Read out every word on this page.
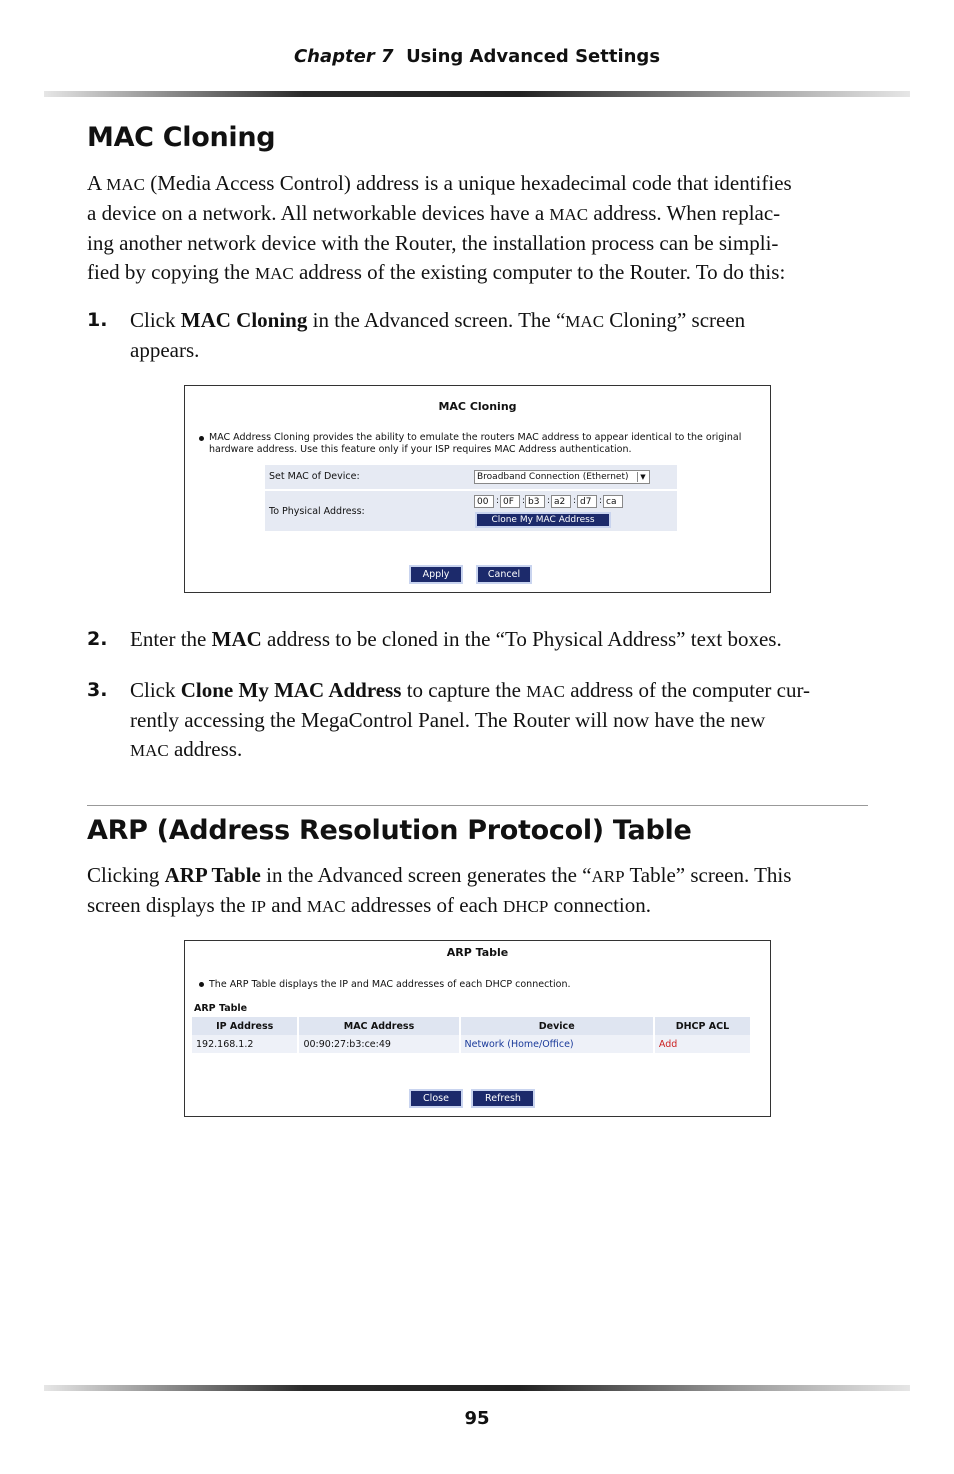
Chapter 7 Using Advanced Settings
MAC Cloning
A MAC (Media Access Control) address is a unique hexadecimal code that identifies
a device on a network. All networkable devices have a MAC address. When replac-
ing another network device with the Router, the installation process can be simpli-
fied by copying the MAC address of the existing computer to the Router. To do this:
1. Click MAC Cloning in the Advanced screen. The “MAC Cloning” screen
appears.
MAC Cloning
MAC Address Cloning provides the ability to emulate the routers MAC address to appear identical to the original
hardware address. Use this feature only if your ISP requires MAC Address authentication.
Set MAC of Device:	Broadband Connection (Ethernet)	▼
To Physical Address:
00 : 0F : b3 : a2 : d7 : ca
Clone My MAC Address
Apply	Cancel
2. Enter the MAC address to be cloned in the “To Physical Address” text boxes.
3. Click Clone My MAC Address to capture the MAC address of the computer cur-
rently accessing the MegaControl Panel. The Router will now have the new
MAC address.
ARP (Address Resolution Protocol) Table
Clicking ARP Table in the Advanced screen generates the “ARP Table” screen. This
screen displays the IP and MAC addresses of each DHCP connection.
ARP Table
The ARP Table displays the IP and MAC addresses of each DHCP connection.
ARP Table
IP Address	MAC Address	Device	DHCP ACL
192.168.1.2	00:90:27:b3:ce:49	Network (Home/Office)	Add
Close	Refresh
95
